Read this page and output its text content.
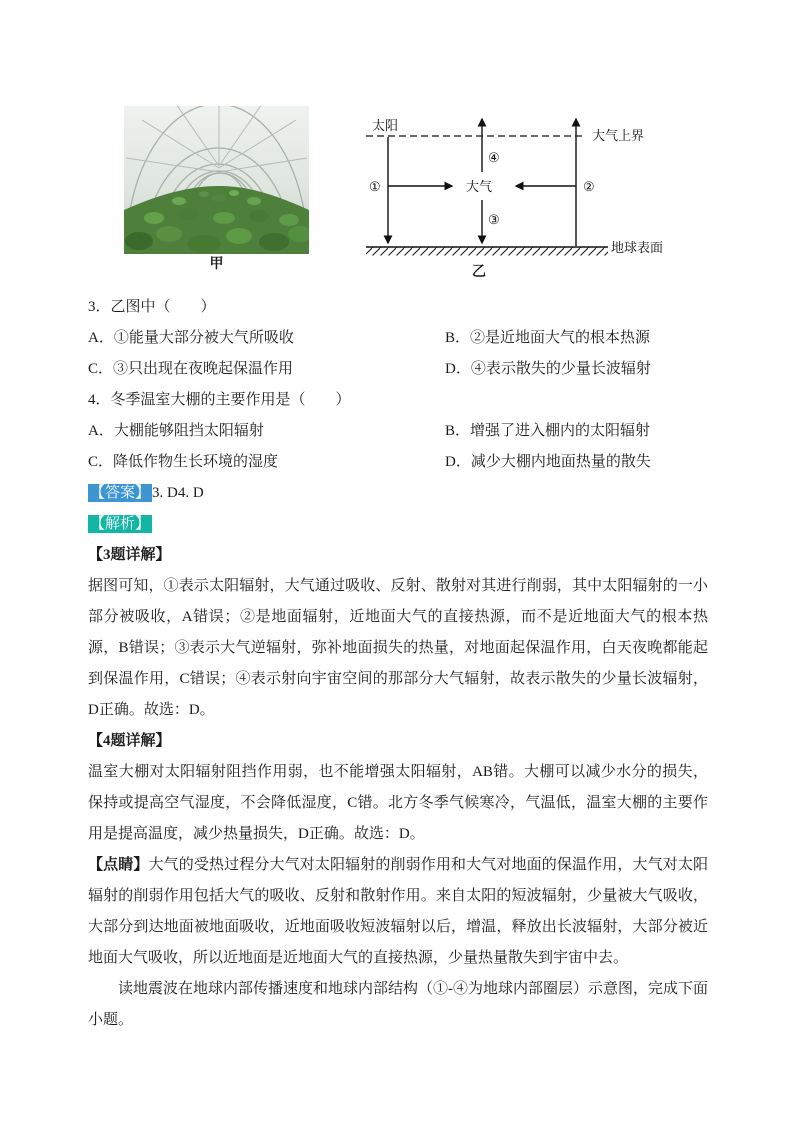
甲
太阳
大气上界
①	大气
④
③
②
地球表面
乙

3．乙图中（　　）

A．①能量大部分被大气所吸收	B．②是近地面大气的根本热源
C．③只出现在夜晚起保温作用	D．④表示散失的少量长波辐射

4．冬季温室大棚的主要作用是（　　）

A．大棚能够阻挡太阳辐射	B．增强了进入棚内的太阳辐射
C．降低作物生长环境的湿度	D．减少大棚内地面热量的散失

【答案】 3. D4. D

【解析】

【3题详解】

据图可知，①表示太阳辐射，大气通过吸收、反射、散射对其进行削弱，其中太阳辐射的一小部分被吸收，A错误；②是地面辐射，近地面大气的直接热源，而不是近地面大气的根本热源，B错误；③表示大气逆辐射，弥补地面损失的热量，对地面起保温作用，白天夜晚都能起到保温作用，C错误；④表示射向宇宙空间的那部分大气辐射，故表示散失的少量长波辐射，D正确。故选：D。

【4题详解】

温室大棚对太阳辐射阻挡作用弱，也不能增强太阳辐射，AB错。大棚可以减少水分的损失，保持或提高空气湿度，不会降低湿度，C错。北方冬季气候寒冷，气温低，温室大棚的主要作用是提高温度，减少热量损失，D正确。故选：D。

【点睛】大气的受热过程分大气对太阳辐射的削弱作用和大气对地面的保温作用，大气对太阳辐射的削弱作用包括大气的吸收、反射和散射作用。来自太阳的短波辐射，少量被大气吸收，大部分到达地面被地面吸收，近地面吸收短波辐射以后，增温，释放出长波辐射，大部分被近地面大气吸收，所以近地面是近地面大气的直接热源，少量热量散失到宇宙中去。

读地震波在地球内部传播速度和地球内部结构（①-④为地球内部圈层）示意图，完成下面小题。
